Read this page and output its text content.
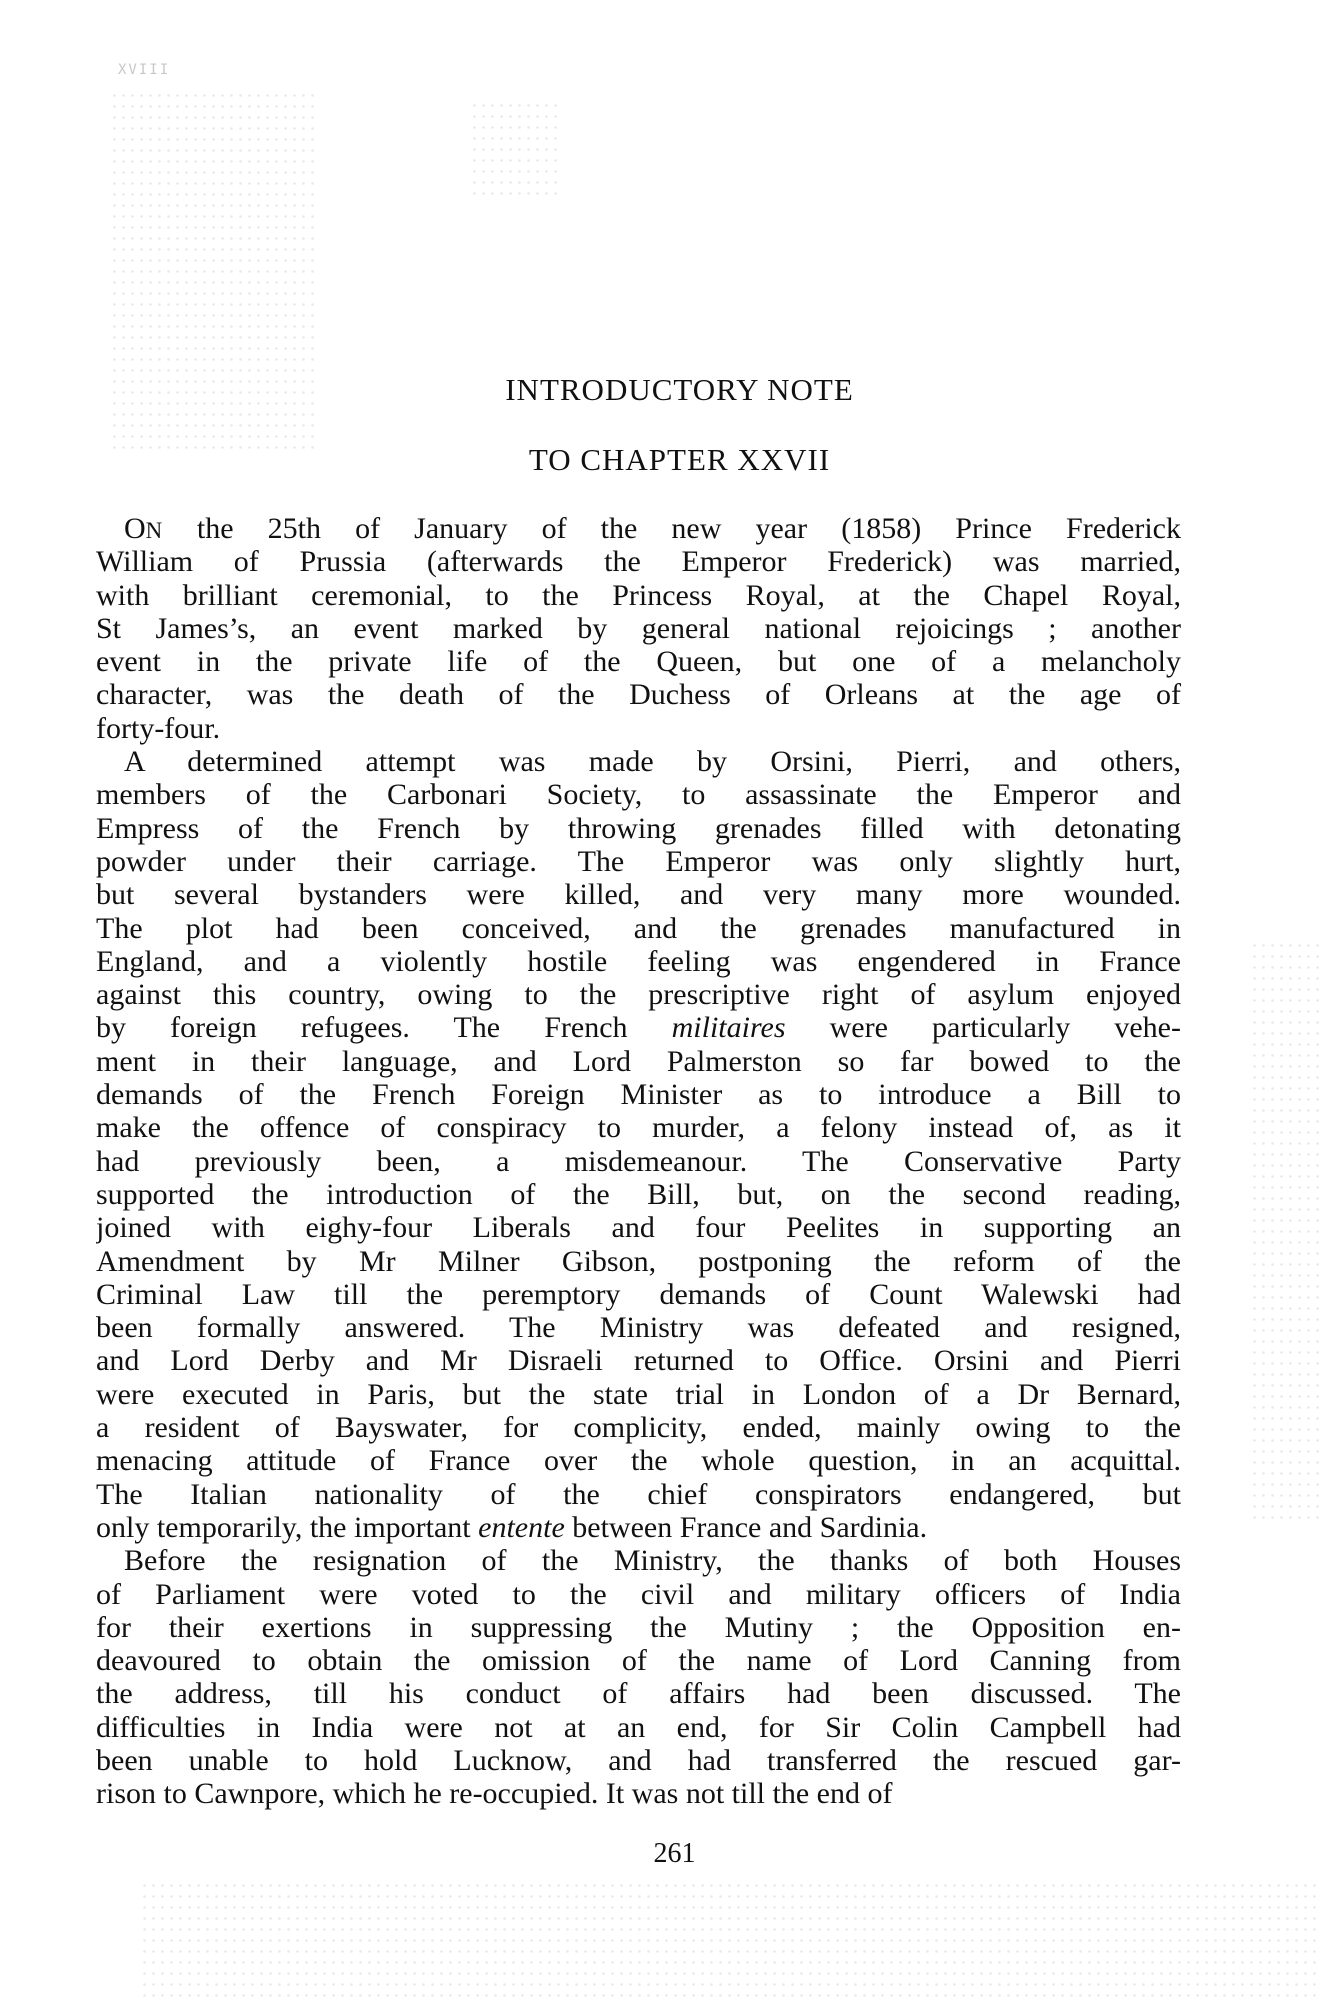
XVIII
INTRODUCTORY NOTE
TO CHAPTER XXVII
ON the 25th of January of the new year (1858) Prince Frederick
William of Prussia (afterwards the Emperor Frederick) was married,
with brilliant ceremonial, to the Princess Royal, at the Chapel Royal,
St James’s, an event marked by general national rejoicings ; another
event in the private life of the Queen, but one of a melancholy
character, was the death of the Duchess of Orleans at the age of
forty-four.
A determined attempt was made by Orsini, Pierri, and others,
members of the Carbonari Society, to assassinate the Emperor and
Empress of the French by throwing grenades filled with detonating
powder under their carriage. The Emperor was only slightly hurt,
but several bystanders were killed, and very many more wounded.
The plot had been conceived, and the grenades manufactured in
England, and a violently hostile feeling was engendered in France
against this country, owing to the prescriptive right of asylum enjoyed
by foreign refugees. The French militaires were particularly vehe-
ment in their language, and Lord Palmerston so far bowed to the
demands of the French Foreign Minister as to introduce a Bill to
make the offence of conspiracy to murder, a felony instead of, as it
had previously been, a misdemeanour. The Conservative Party
supported the introduction of the Bill, but, on the second reading,
joined with eighy-four Liberals and four Peelites in supporting an
Amendment by Mr Milner Gibson, postponing the reform of the
Criminal Law till the peremptory demands of Count Walewski had
been formally answered. The Ministry was defeated and resigned,
and Lord Derby and Mr Disraeli returned to Office. Orsini and Pierri
were executed in Paris, but the state trial in London of a Dr Bernard,
a resident of Bayswater, for complicity, ended, mainly owing to the
menacing attitude of France over the whole question, in an acquittal.
The Italian nationality of the chief conspirators endangered, but
only temporarily, the important entente between France and Sardinia.
Before the resignation of the Ministry, the thanks of both Houses
of Parliament were voted to the civil and military officers of India
for their exertions in suppressing the Mutiny ; the Opposition en-
deavoured to obtain the omission of the name of Lord Canning from
the address, till his conduct of affairs had been discussed. The
difficulties in India were not at an end, for Sir Colin Campbell had
been unable to hold Lucknow, and had transferred the rescued gar-
rison to Cawnpore, which he re-occupied. It was not till the end of
261
